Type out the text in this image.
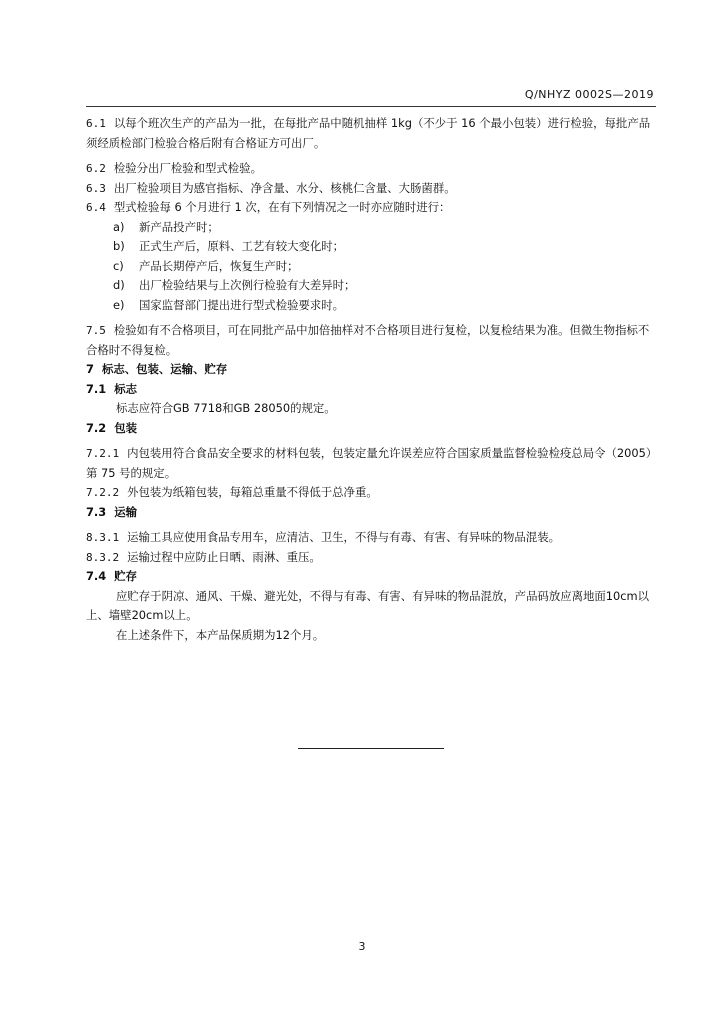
Q/NHYZ 0002S—2019

6.1 以每个班次生产的产品为一批，在每批产品中随机抽样 1kg（不少于 16 个最小包装）进行检验，每批产品须经质检部门检验合格后附有合格证方可出厂。

6.2 检验分出厂检验和型式检验。

6.3 出厂检验项目为感官指标、净含量、水分、核桃仁含量、大肠菌群。

6.4 型式检验每 6 个月进行 1 次，在有下列情况之一时亦应随时进行：

a) 新产品投产时；

b) 正式生产后，原料、工艺有较大变化时；

c) 产品长期停产后，恢复生产时；

d) 出厂检验结果与上次例行检验有大差异时；

e) 国家监督部门提出进行型式检验要求时。

7.5 检验如有不合格项目，可在同批产品中加倍抽样对不合格项目进行复检，以复检结果为准。但微生物指标不合格时不得复检。

7 标志、包装、运输、贮存

7.1 标志

标志应符合GB 7718和GB 28050的规定。

7.2 包装

7.2.1 内包装用符合食品安全要求的材料包装，包装定量允许误差应符合国家质量监督检验检疫总局令（2005）第 75 号的规定。

7.2.2 外包装为纸箱包装，每箱总重量不得低于总净重。

7.3 运输

8.3.1 运输工具应使用食品专用车，应清洁、卫生，不得与有毒、有害、有异味的物品混装。

8.3.2 运输过程中应防止日晒、雨淋、重压。

7.4 贮存

应贮存于阴凉、通风、干燥、避光处，不得与有毒、有害、有异味的物品混放，产品码放应离地面10cm以上、墙壁20cm以上。

在上述条件下，本产品保质期为12个月。

3
